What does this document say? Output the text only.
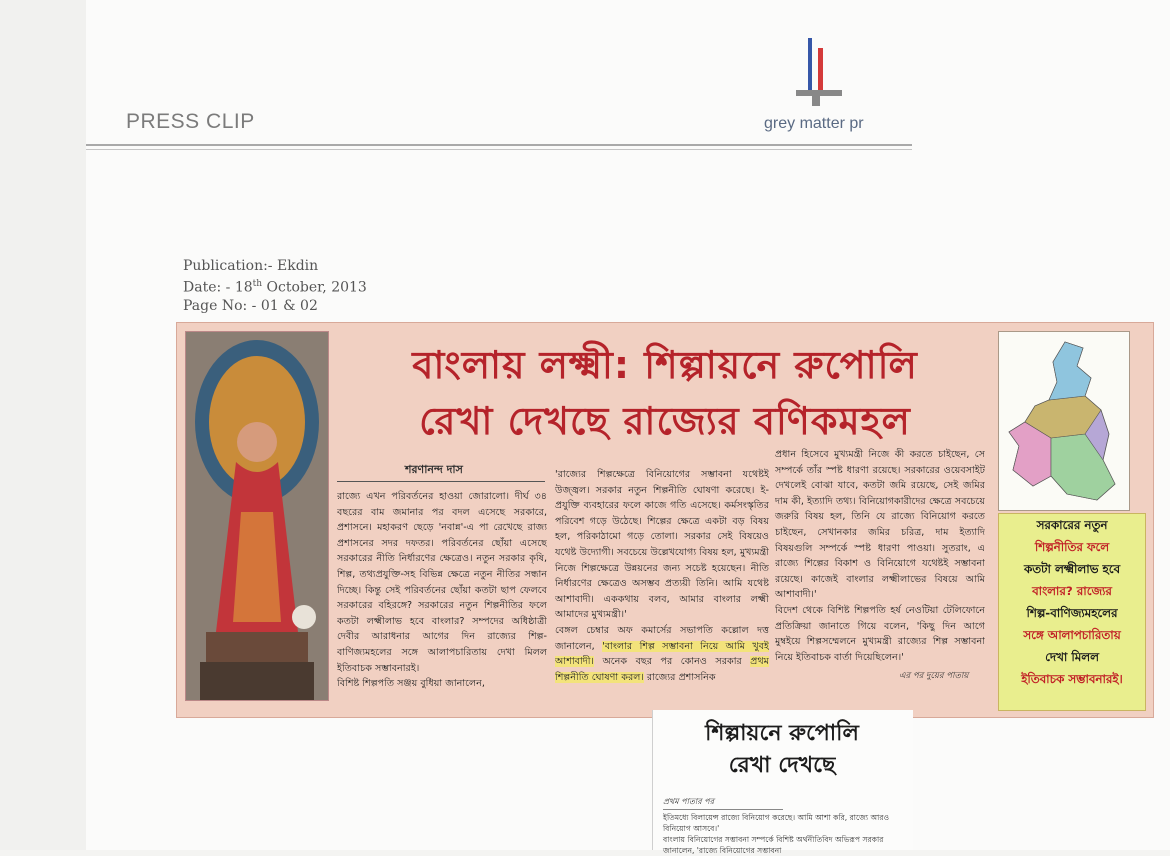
PRESS CLIP	grey matter pr
Publication:- Ekdin
Date: - 18th October, 2013
Page No: - 01 & 02
বাংলায় লক্ষ্মী: শিল্পায়নে রুপোলি
রেখা দেখছে রাজ্যের বণিকমহল
শরণানন্দ দাস

রাজ্যে এখন পরিবর্তনের হাওয়া জোরালো। দীর্ঘ ৩৪ বছরের বাম জমানার পর বদল এসেছে সরকারে, প্রশাসনে। মহাকরণ ছেড়ে 'নবান্ন'-এ পা রেখেছে রাজ্য প্রশাসনের সদর দফতর। পরিবর্তনের ছোঁয়া এসেছে সরকারের নীতি নির্ধারণের ক্ষেত্রেও। নতুন সরকার কৃষি, শিল্প, তথ্যপ্রযুক্তি-সহ বিভিন্ন ক্ষেত্রে নতুন নীতির সন্ধান দিচ্ছে। কিন্তু সেই পরিবর্তনের ছোঁয়া কতটা ছাপ ফেলবে সরকারের বহিরঙ্গে? সরকারের নতুন শিল্পনীতির ফলে কতটা লক্ষ্মীলাভ হবে বাংলার? সম্পদের অধিষ্ঠাত্রী দেবীর আরাধনার আগের দিন রাজ্যের শিল্প-বাণিজ্যমহলের সঙ্গে আলাপচারিতায় দেখা মিলল ইতিবাচক সম্ভাবনারই।

বিশিষ্ট শিল্পপতি সঞ্জয় বুধিয়া জানালেন,

'রাজ্যের শিল্পক্ষেত্রে বিনিয়োগের সম্ভাবনা যথেষ্টই উজ্জ্বল। সরকার নতুন শিল্পনীতি ঘোষণা করেছে। ই-প্রযুক্তি ব্যবহারের ফলে কাজে গতি এসেছে। কর্মসংস্কৃতির পরিবেশ গড়ে উঠেছে। শিল্পের ক্ষেত্রে একটা বড় বিষয় হল, পরিকাঠামো গড়ে তোলা। সরকার সেই বিষয়েও যথেষ্ট উদ্যোগী। সবচেয়ে উল্লেখযোগ্য বিষয় হল, মুখ্যমন্ত্রী নিজে শিল্পক্ষেত্রে উন্নয়নের জন্য সচেষ্ট হয়েছেন। নীতি নির্ধারণের ক্ষেত্রেও অসম্ভব প্রত্যয়ী তিনি। আমি যথেষ্ট আশাবাদী। এককথায় বলব, আমার বাংলার লক্ষ্মী আমাদের মুখ্যমন্ত্রী।'

বেঙ্গল চেম্বার অফ কমার্সের সভাপতি কল্লোল দত্ত জানালেন, 'বাংলার শিল্প সম্ভাবনা নিয়ে আমি খুবই আশাবাদী। অনেক বছর পর কোনও সরকার প্রথম শিল্পনীতি ঘোষণা করল। রাজ্যের প্রশাসনিক

প্রধান হিসেবে মুখ্যমন্ত্রী নিজে কী করতে চাইছেন, সে সম্পর্কে তাঁর স্পষ্ট ধারণা রয়েছে। সরকারের ওয়েবসাইট দেখলেই বোঝা যাবে, কতটা জমি রয়েছে, সেই জমির দাম কী, ইত্যাদি তথ্য। বিনিয়োগকারীদের ক্ষেত্রে সবচেয়ে জরুরি বিষয় হল, তিনি যে রাজ্যে বিনিয়োগ করতে চাইছেন, সেখানকার জমির চরিত্র, দাম ইত্যাদি বিষয়গুলি সম্পর্কে স্পষ্ট ধারণা পাওয়া। সুতরাং, এ রাজ্যে শিল্পের বিকাশ ও বিনিয়োগে যথেষ্টই সম্ভাবনা রয়েছে। কাজেই বাংলার লক্ষ্মীলাভের বিষয়ে আমি আশাবাদী।'

বিদেশ থেকে বিশিষ্ট শিল্পপতি হর্ষ নেওটিয়া টেলিফোনে প্রতিক্রিয়া জানাতে গিয়ে বলেন, 'কিছু দিন আগে মুম্বইয়ে শিল্পসম্মেলনে মুখ্যমন্ত্রী রাজ্যের শিল্প সম্ভাবনা নিয়ে ইতিবাচক বার্তা দিয়েছিলেন।'

এর পর দুয়ের পাতায়
সরকারের নতুন
শিল্পনীতির ফলে
কতটা লক্ষ্মীলাভ হবে
বাংলার? রাজ্যের
শিল্প-বাণিজ্যমহলের
সঙ্গে আলাপচারিতায়
দেখা মিলল
ইতিবাচক সম্ভাবনারই।
শিল্পায়নে রুপোলি
রেখা দেখছে
প্রথম পাতার পর

ইতিমধ্যে বিলায়েন্স রাজ্যে বিনিয়োগ করেছে। আমি আশা করি, রাজ্যে আরও বিনিয়োগ আসবে।'

বাংলায় বিনিয়োগের সম্ভাবনা সম্পর্কে বিশিষ্ট অর্থনীতিবিদ অভিরূপ সরকার জানালেন, 'রাজ্যে বিনিয়োগের সম্ভাবনা
